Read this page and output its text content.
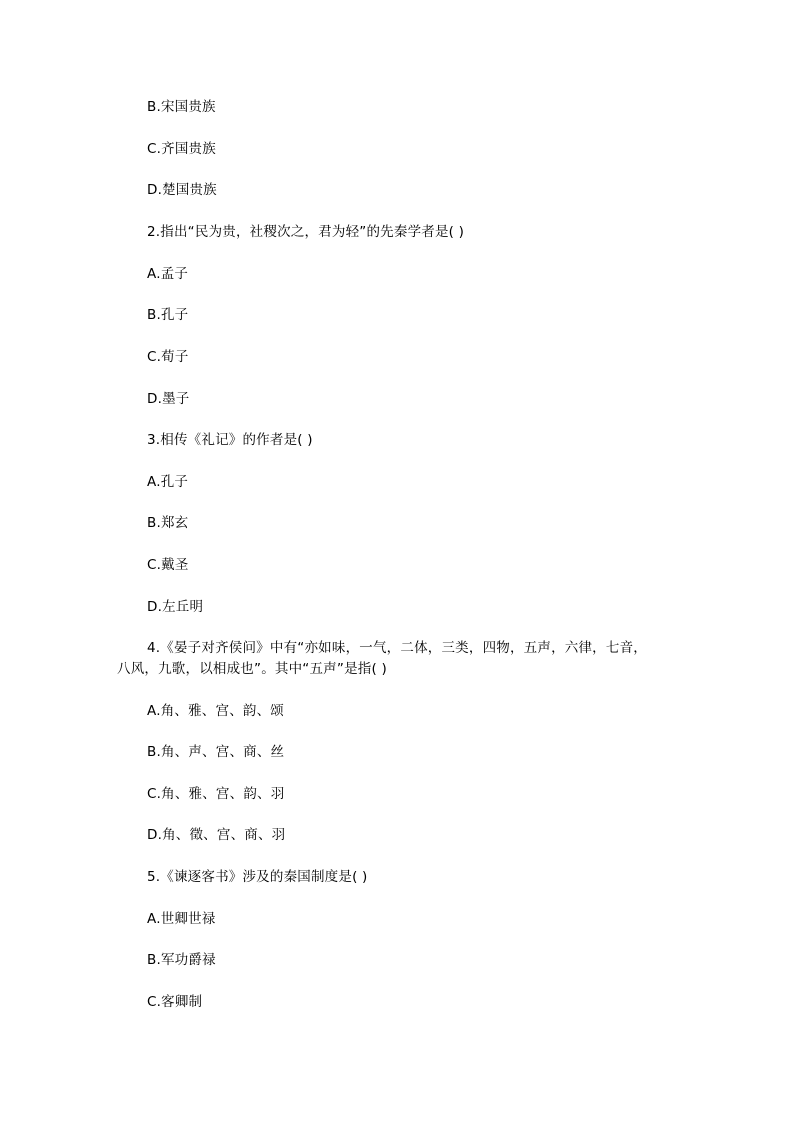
B.宋国贵族
C.齐国贵族
D.楚国贵族
2.指出“民为贵，社稷次之，君为轻”的先秦学者是( )
A.孟子
B.孔子
C.荀子
D.墨子
3.相传《礼记》的作者是( )
A.孔子
B.郑玄
C.戴圣
D.左丘明
4.《晏子对齐侯问》中有“亦如味，一气，二体，三类，四物，五声，六律，七音，
八风，九歌，以相成也”。其中“五声”是指( )
A.角、雅、宫、韵、颂
B.角、声、宫、商、丝
C.角、雅、宫、韵、羽
D.角、徵、宫、商、羽
5.《谏逐客书》涉及的秦国制度是( )
A.世卿世禄
B.军功爵禄
C.客卿制
